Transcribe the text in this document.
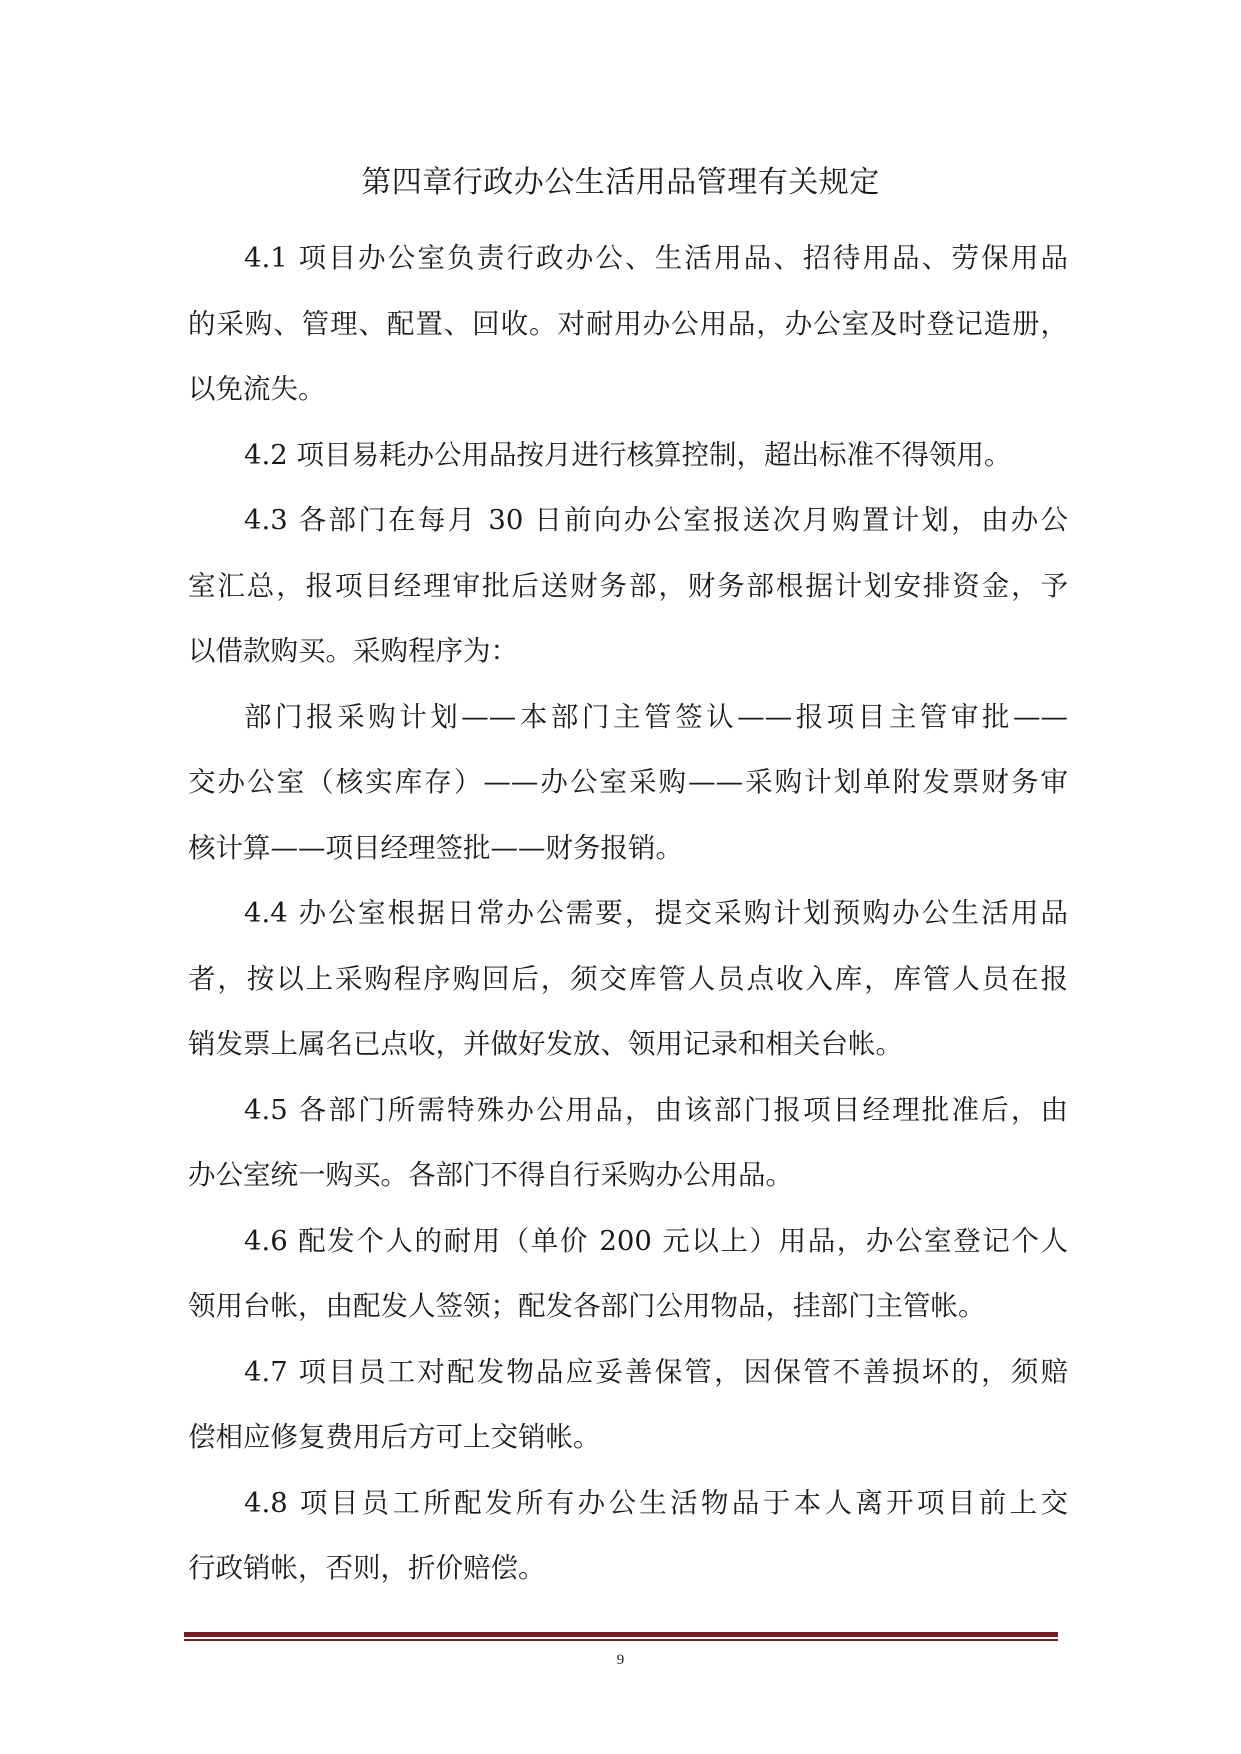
第四章行政办公生活用品管理有关规定

4.1 项目办公室负责行政办公、生活用品、招待用品、劳保用品
的采购、管理、配置、回收。对耐用办公用品，办公室及时登记造册，
以免流失。

4.2 项目易耗办公用品按月进行核算控制，超出标准不得领用。

4.3 各部门在每月 30 日前向办公室报送次月购置计划，由办公
室汇总，报项目经理审批后送财务部，财务部根据计划安排资金，予
以借款购买。采购程序为：

部门报采购计划——本部门主管签认——报项目主管审批——
交办公室（核实库存）——办公室采购——采购计划单附发票财务审
核计算——项目经理签批——财务报销。

4.4 办公室根据日常办公需要，提交采购计划预购办公生活用品
者，按以上采购程序购回后，须交库管人员点收入库，库管人员在报
销发票上属名已点收，并做好发放、领用记录和相关台帐。

4.5 各部门所需特殊办公用品，由该部门报项目经理批准后，由
办公室统一购买。各部门不得自行采购办公用品。

4.6 配发个人的耐用（单价 200 元以上）用品，办公室登记个人
领用台帐，由配发人签领；配发各部门公用物品，挂部门主管帐。

4.7 项目员工对配发物品应妥善保管，因保管不善损坏的，须赔
偿相应修复费用后方可上交销帐。

4.8 项目员工所配发所有办公生活物品于本人离开项目前上交
行政销帐，否则，折价赔偿。

9
